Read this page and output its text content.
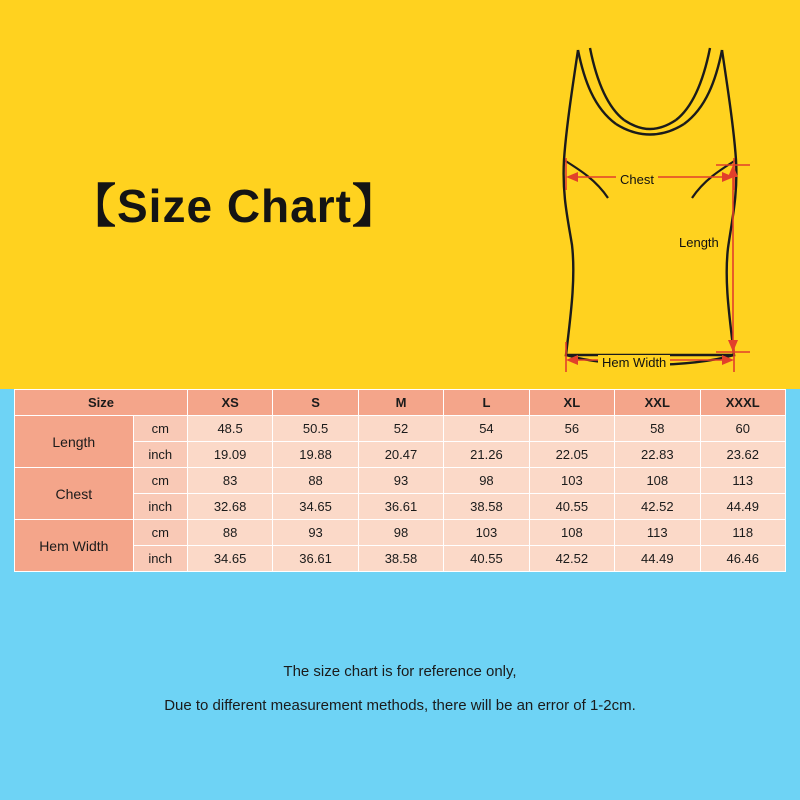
【Size Chart】
Chest
Length
Hem Width
Size		XS	S	M	L	XL	XXL	XXXL
Length	cm	48.5	50.5	52	54	56	58	60
	inch	19.09	19.88	20.47	21.26	22.05	22.83	23.62
Chest	cm	83	88	93	98	103	108	113
	inch	32.68	34.65	36.61	38.58	40.55	42.52	44.49
Hem Width	cm	88	93	98	103	108	113	118
	inch	34.65	36.61	38.58	40.55	42.52	44.49	46.46
The size chart is for reference only,
Due to different measurement methods, there will be an error of 1-2cm.
